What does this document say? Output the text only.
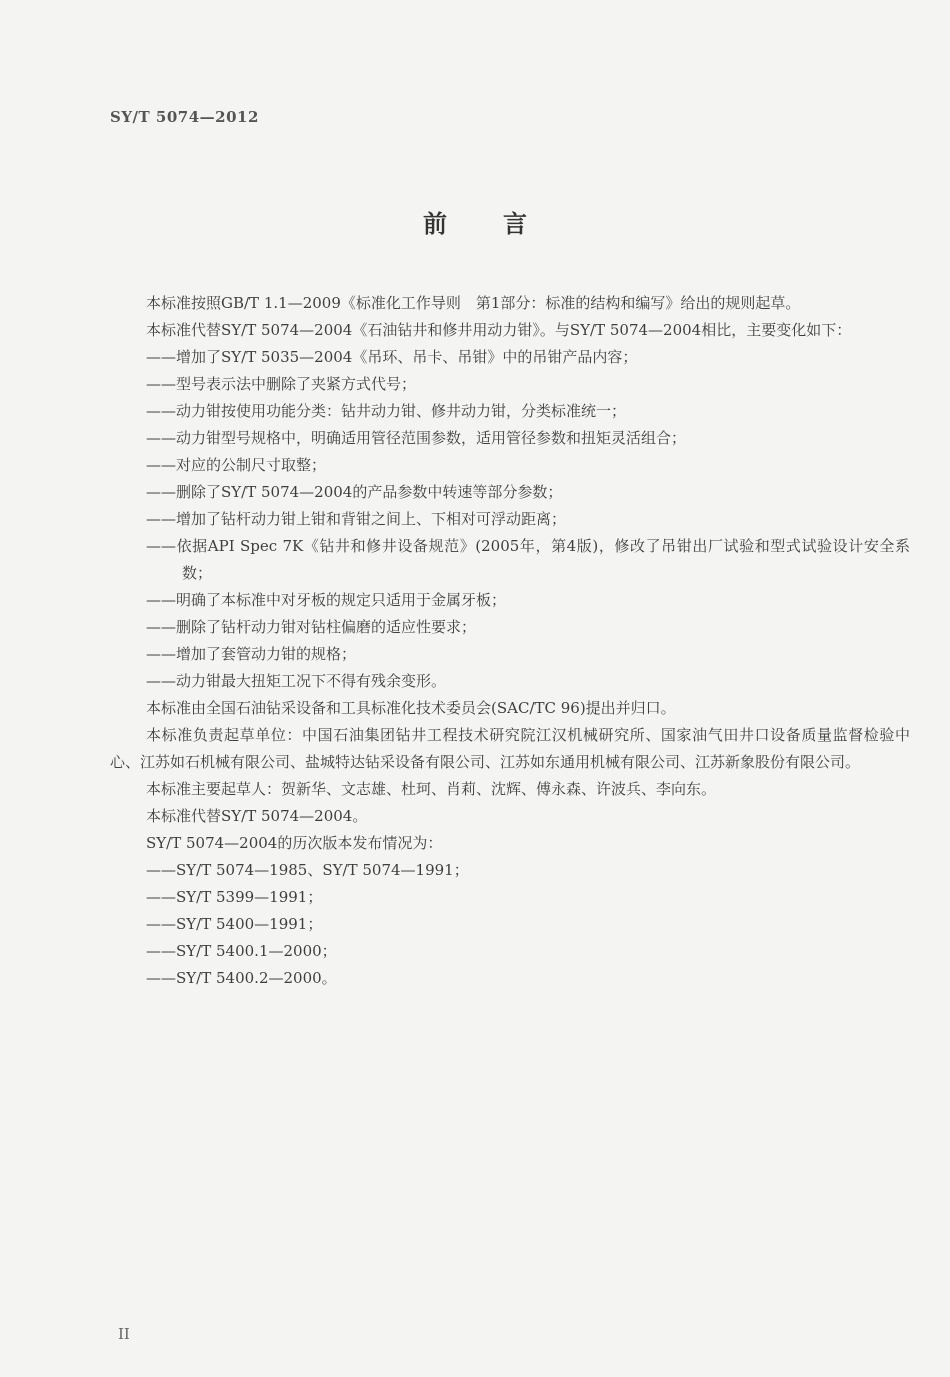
SY/T 5074—2012
前 言

本标准按照GB/T 1.1—2009《标准化工作导则　第1部分：标准的结构和编写》给出的规则起草。

本标准代替SY/T 5074—2004《石油钻井和修井用动力钳》。与SY/T 5074—2004相比，主要变化如下：

——增加了SY/T 5035—2004《吊环、吊卡、吊钳》中的吊钳产品内容；

——型号表示法中删除了夹紧方式代号；

——动力钳按使用功能分类：钻井动力钳、修井动力钳，分类标准统一；

——动力钳型号规格中，明确适用管径范围参数，适用管径参数和扭矩灵活组合；

——对应的公制尺寸取整；

——删除了SY/T 5074—2004的产品参数中转速等部分参数；

——增加了钻杆动力钳上钳和背钳之间上、下相对可浮动距离；

——依据API Spec 7K《钻井和修井设备规范》(2005年，第4版)，修改了吊钳出厂试验和型式试验设计安全系数；

——明确了本标准中对牙板的规定只适用于金属牙板；

——删除了钻杆动力钳对钻柱偏磨的适应性要求；

——增加了套管动力钳的规格；

——动力钳最大扭矩工况下不得有残余变形。

本标准由全国石油钻采设备和工具标准化技术委员会(SAC/TC 96)提出并归口。

本标准负责起草单位：中国石油集团钻井工程技术研究院江汉机械研究所、国家油气田井口设备质量监督检验中心、江苏如石机械有限公司、盐城特达钻采设备有限公司、江苏如东通用机械有限公司、江苏新象股份有限公司。

本标准主要起草人：贺新华、文志雄、杜珂、肖莉、沈辉、傅永森、许波兵、李向东。

本标准代替SY/T 5074—2004。

SY/T 5074—2004的历次版本发布情况为：

——SY/T 5074—1985、SY/T 5074—1991；

——SY/T 5399—1991；

——SY/T 5400—1991；

——SY/T 5400.1—2000；

——SY/T 5400.2—2000。

II
